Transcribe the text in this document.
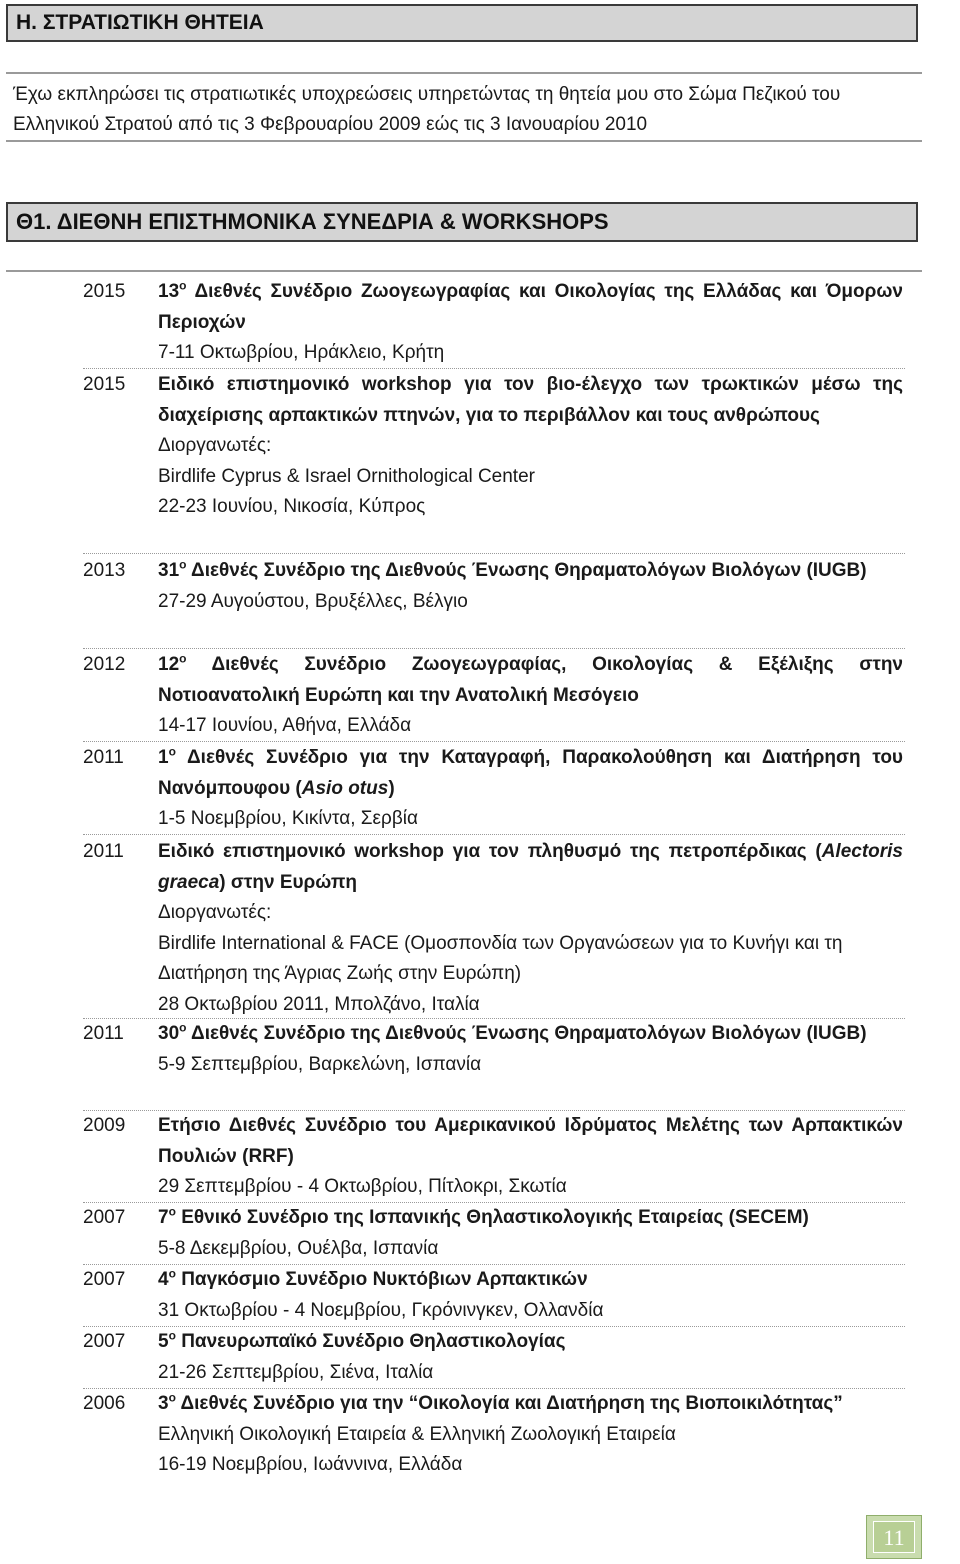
Η. ΣΤΡΑΤΙΩΤΙΚΗ ΘΗΤΕΙΑ
Έχω εκπληρώσει τις στρατιωτικές υποχρεώσεις υπηρετώντας τη θητεία μου στο Σώμα Πεζικού του Ελληνικού Στρατού από τις 3 Φεβρουαρίου 2009 εώς τις 3 Ιανουαρίου 2010
Θ1. ΔΙΕΘΝΗ ΕΠΙΣΤΗΜΟΝΙΚΑ ΣΥΝΕΔΡΙΑ & WORKSHOPS
2015 $13^o$ Διεθνές Συνέδριο Ζωογεωγραφίας και Οικολογίας της Ελλάδας και Όμορων Περιοχών
7-11 Οκτωβρίου, Ηράκλειο, Κρήτη
2015 Ειδικό επιστημονικό workshop για τον βιο-έλεγχο των τρωκτικών μέσω της διαχείρισης αρπακτικών πτηνών, για το περιβάλλον και τους ανθρώπους
Διοργανωτές:
Birdlife Cyprus & Israel Ornithological Center
22-23 Ιουνίου, Νικοσία, Κύπρος
2013 $31^o$ Διεθνές Συνέδριο της Διεθνούς Ένωσης Θηραματολόγων Βιολόγων (IUGB)
27-29 Αυγούστου, Βρυξέλλες, Βέλγιο
2012 $12^o$ Διεθνές Συνέδριο Ζωογεωγραφίας, Οικολογίας & Εξέλιξης στην Νοτιοανατολική Ευρώπη και την Ανατολική Μεσόγειο
14-17 Ιουνίου, Αθήνα, Ελλάδα
2011 $1^o$ Διεθνές Συνέδριο για την Καταγραφή, Παρακολούθηση και Διατήρηση του Νανόμπουφου (Asio otus)
1-5 Νοεμβρίου, Κικίντα, Σερβία
2011 Ειδικό επιστημονικό workshop για τον πληθυσμό της πετροπέρδικας (Alectoris graeca) στην Ευρώπη
Διοργανωτές:
Birdlife International & FACE (Ομοσπονδία των Οργανώσεων για το Κυνήγι και τη Διατήρηση της Άγριας Ζωής στην Ευρώπη)
28 Οκτωβρίου 2011, Μπολζάνο, Ιταλία
2011 $30^o$ Διεθνές Συνέδριο της Διεθνούς Ένωσης Θηραματολόγων Βιολόγων (IUGB)
5-9 Σεπτεμβρίου, Βαρκελώνη, Ισπανία
2009 Ετήσιο Διεθνές Συνέδριο του Αμερικανικού Ιδρύματος Μελέτης των Αρπακτικών Πουλιών (RRF)
29 Σεπτεμβρίου - 4 Οκτωβρίου, Πίτλοκρι, Σκωτία
2007 $7^o$ Εθνικό Συνέδριο της Ισπανικής Θηλαστικολογικής Εταιρείας (SECEM)
5-8 Δεκεμβρίου, Ουέλβα, Ισπανία
2007 $4^o$ Παγκόσμιο Συνέδριο Νυκτόβιων Αρπακτικών
31 Οκτωβρίου - 4 Νοεμβρίου, Γκρόνινγκεν, Ολλανδία
2007 $5^o$ Πανευρωπαϊκό Συνέδριο Θηλαστικολογίας
21-26 Σεπτεμβρίου, Σιένα, Ιταλία
2006 $3^o$ Διεθνές Συνέδριο για την “Οικολογία και Διατήρηση της Βιοποικιλότητας”
Ελληνική Οικολογική Εταιρεία & Ελληνική Ζωολογική Εταιρεία
16-19 Νοεμβρίου, Ιωάννινα, Ελλάδα
11
